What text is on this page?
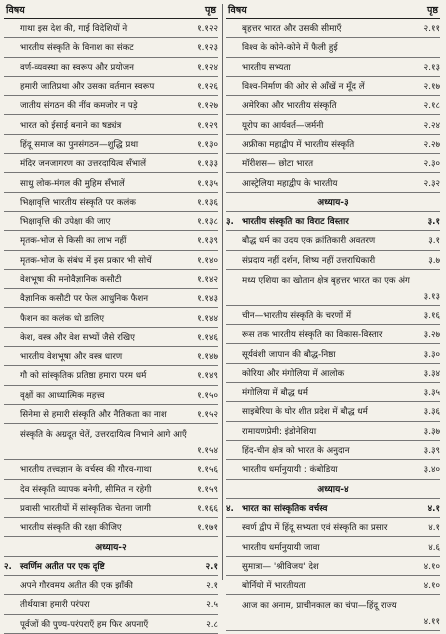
विषय	पृष्ठ
गाथा इस देश की, गाई विदेशियों ने	१.१२२
भारतीय संस्कृति के विनाश का संकट	१.१२३
वर्ण-व्यवस्था का स्वरूप और प्रयोजन	१.१२४
हमारी जातिप्रथा और उसका वर्तमान स्वरूप	१.१२६
जातीय संगठन की नींव कमजोर न पड़े	१.१२७
भारत को ईसाई बनाने का षड्यंत्र	१.१२९
हिंदू समाज का पुनसंगठन—शुद्धि प्रथा	१.१३०
मंदिर जनजागरण का उत्तरदायित्व सँभालें	१.१३३
साधु लोक-मंगल की मुहिम सँभालें	१.१३५
भिक्षावृत्ति भारतीय संस्कृति पर कलंक	१.१३६
भिक्षावृत्ति की उपेक्षा की जाए	१.१३८
मृतक-भोज से किसी का लाभ नहीं	१.१३९
मृतक-भोज के संबंध में इस प्रकार भी सोचें	१.१४०
वेशभूषा की मनोवैज्ञानिक कसौटी	१.१४२
वैज्ञानिक कसौटी पर फेल आधुनिक फैशन	१.१४३
फैशन का कलंक धो डालिए	१.१४४
केश, वस्त्र और वेश सभ्यों जैसे रखिए	१.१४६
भारतीय वेशभूषा और वस्त्र धारण	१.१४७
गौ को सांस्कृतिक प्रतिष्ठा हमारा परम धर्म	१.१४९
वृक्षों का आध्यात्मिक महत्त्व	१.१५०
सिनेमा से हमारी संस्कृति और नैतिकता का नाश	१.१५२
संस्कृति के अग्रदूत चेतें, उत्तरदायित्व निभाने आगे आएँ
१.१५४
भारतीय तत्त्वज्ञान के वर्चस्व की गौरव-गाथा	१.१५६
देव संस्कृति व्यापक बनेगी, सीमित न रहेगी	१.१५९
प्रवासी भारतीयों में सांस्कृतिक चेतना जागी	१.१६६
भारतीय संस्कृति की रक्षा कीजिए	१.१७१
अध्याय-२
२. स्वर्णिम अतीत पर एक दृष्टि	२.१
अपने गौरवमय अतीत की एक झाँकी	२.१
तीर्थयात्रा हमारी परंपरा	२.५
पूर्वजों की पुण्य-परंपराएँ हम फिर अपनाएँ	२.८
विषय	पृष्ठ
बृहत्तर भारत और उसकी सीमाएँ	२.११
विश्व के कोने-कोने में फैली हुई
भारतीय सभ्यता	२.१३
विश्व-निर्माण की ओर से आँखें न मूँद लें	२.१७
अमेरिका और भारतीय संस्कृति	२.१८
यूरोप का आर्यवर्त—जर्मनी	२.२४
अफ्रीका महाद्वीप में भारतीय संस्कृति	२.२७
मॉरीशस— छोटा भारत	२.३०
आस्ट्रेलिया महाद्वीप के भारतीय	२.३२
अध्याय-३
३. भारतीय संस्कृति का विराट विस्तार	३.१
बौद्ध धर्म का उदय एक क्रांतिकारी अवतरण	३.१
संप्रदाय नहीं दर्शन, शिष्य नहीं उत्तराधिकारी	३.७
मध्य एशिया का खोतान क्षेत्र बृहत्तर भारत का एक अंग
३.१३
चीन—भारतीय संस्कृति के चरणों में	३.१६
रूस तक भारतीय संस्कृति का विकास-विस्तार	३.२७
सूर्यवंशी जापान की बौद्ध-निष्ठा	३.३०
कोरिया और मंगोलिया में आलोक	३.३४
मंगोलिया में बौद्ध धर्म	३.३५
साइबेरिया के घोर शीत प्रदेश में बौद्ध धर्म	३.३६
रामायणप्रेमी: इंडोनेशिया	३.३७
हिंद-चीन क्षेत्र को भारत के अनुदान	३.३९
भारतीय धर्मानुयायी : कंबोडिया	३.४०
अध्याय-४
४. भारत का सांस्कृतिक वर्चस्व	४.१
स्वर्ण द्वीप में हिंदू सभ्यता एवं संस्कृति का प्रसार	४.१
भारतीय धर्मानुयायी जावा	४.६
सुमात्रा— 'श्रीविजय' देश	४.१०
बोर्नियो में भारतीयता	४.१०
आज का अनाम, प्राचीनकाल का चंपा—हिंदू राज्य
४.११
